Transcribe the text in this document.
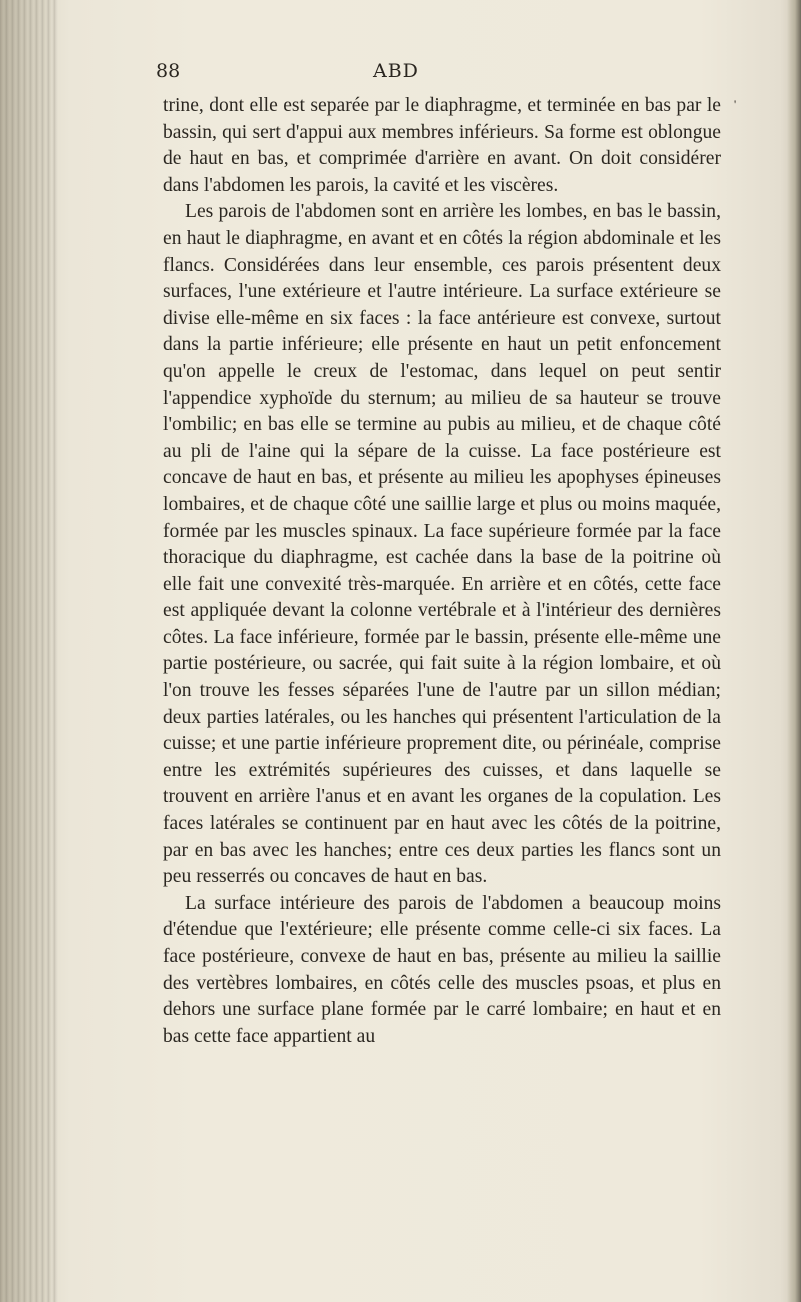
88	ABD
'

trine, dont elle est separée par le diaphragme, et terminée en bas par le bassin, qui sert d'appui aux membres inférieurs. Sa forme est oblongue de haut en bas, et comprimée d'arrière en avant. On doit considérer dans l'abdomen les parois, la cavité et les viscères.

Les parois de l'abdomen sont en arrière les lombes, en bas le bassin, en haut le diaphragme, en avant et en côtés la région abdominale et les flancs. Considérées dans leur ensemble, ces parois présentent deux surfaces, l'une extérieure et l'autre intérieure. La surface extérieure se divise elle-même en six faces : la face antérieure est convexe, surtout dans la partie inférieure; elle présente en haut un petit enfoncement qu'on appelle le creux de l'estomac, dans lequel on peut sentir l'appendice xyphoïde du sternum; au milieu de sa hauteur se trouve l'ombilic; en bas elle se termine au pubis au milieu, et de chaque côté au pli de l'aine qui la sépare de la cuisse. La face postérieure est concave de haut en bas, et présente au milieu les apophyses épineuses lombaires, et de chaque côté une saillie large et plus ou moins maquée, formée par les muscles spinaux. La face supérieure formée par la face thoracique du diaphragme, est cachée dans la base de la poitrine où elle fait une convexité très-marquée. En arrière et en côtés, cette face est appliquée devant la colonne vertébrale et à l'intérieur des dernières côtes. La face inférieure, formée par le bassin, présente elle-même une partie postérieure, ou sacrée, qui fait suite à la région lombaire, et où l'on trouve les fesses séparées l'une de l'autre par un sillon médian; deux parties latérales, ou les hanches qui présentent l'articulation de la cuisse; et une partie inférieure proprement dite, ou périnéale, comprise entre les extrémités supérieures des cuisses, et dans laquelle se trouvent en arrière l'anus et en avant les organes de la copulation. Les faces latérales se continuent par en haut avec les côtés de la poitrine, par en bas avec les hanches; entre ces deux parties les flancs sont un peu resserrés ou concaves de haut en bas.

La surface intérieure des parois de l'abdomen a beaucoup moins d'étendue que l'extérieure; elle présente comme celle-ci six faces. La face postérieure, convexe de haut en bas, présente au milieu la saillie des vertèbres lombaires, en côtés celle des muscles psoas, et plus en dehors une surface plane formée par le carré lombaire; en haut et en bas cette face appartient au
